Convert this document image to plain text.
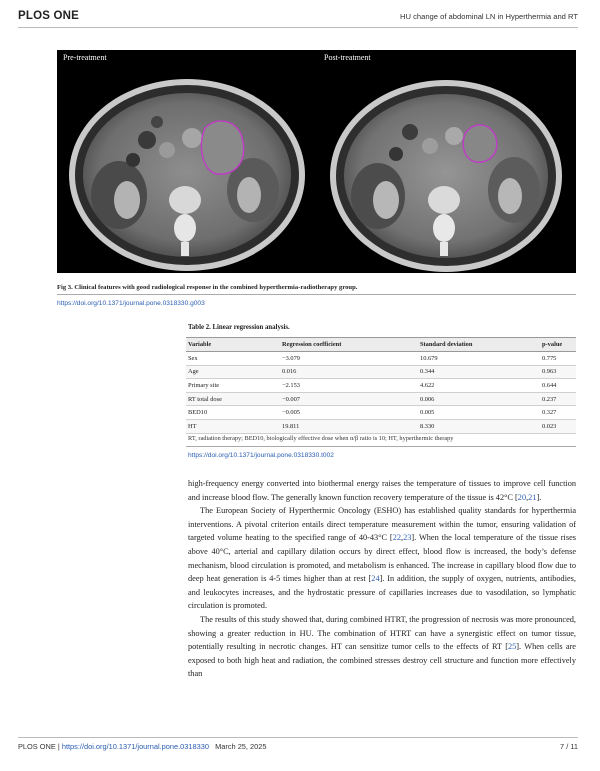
PLOS ONE	HU change of abdominal LN in Hyperthermia and RT
Pre-treatment	Post-treatment
Fig 3. Clinical features with good radiological response in the combined hyperthermia-radiotherapy group.
https://doi.org/10.1371/journal.pone.0318330.g003
Table 2. Linear regression analysis.
Variable	Regression coefficient	Standard deviation	p-value
Sex	−3.079	10.679	0.775
Age	0.016	0.344	0.963
Primary site	−2.153	4.622	0.644
RT total dose	−0.007	0.006	0.237
BED10	−0.005	0.005	0.327
HT	19.811	8.330	0.023
RT, radiation therapy; BED10, biologically effective dose when α/β ratio is 10; HT, hyperthermic therapy
https://doi.org/10.1371/journal.pone.0318330.t002

high-frequency energy converted into biothermal energy raises the temperature of tissues to improve cell function and increase blood flow. The generally known function recovery temperature of the tissue is 42°C [20,21].

The European Society of Hyperthermic Oncology (ESHO) has established quality standards for hyperthermia interventions. A pivotal criterion entails direct temperature measurement within the tumor, ensuring validation of targeted volume heating to the specified range of 40-43°C [22,23]. When the local temperature of the tissue rises above 40°C, arterial and capillary dilation occurs by direct effect, blood flow is increased, the body’s defense mechanism, blood circulation is promoted, and metabolism is enhanced. The increase in capillary blood flow due to deep heat generation is 4-5 times higher than at rest [24]. In addition, the supply of oxygen, nutrients, antibodies, and leukocytes increases, and the hydrostatic pressure of capillaries increases due to vasodilation, so lymphatic circulation is promoted.

The results of this study showed that, during combined HTRT, the progression of necrosis was more pronounced, showing a greater reduction in HU. The combination of HTRT can have a synergistic effect on tumor tissue, potentially resulting in necrotic changes. HT can sensitize tumor cells to the effects of RT [25]. When cells are exposed to both high heat and radiation, the combined stresses destroy cell structure and function more effectively than

PLOS ONE | https://doi.org/10.1371/journal.pone.0318330 March 25, 2025	7 / 11
